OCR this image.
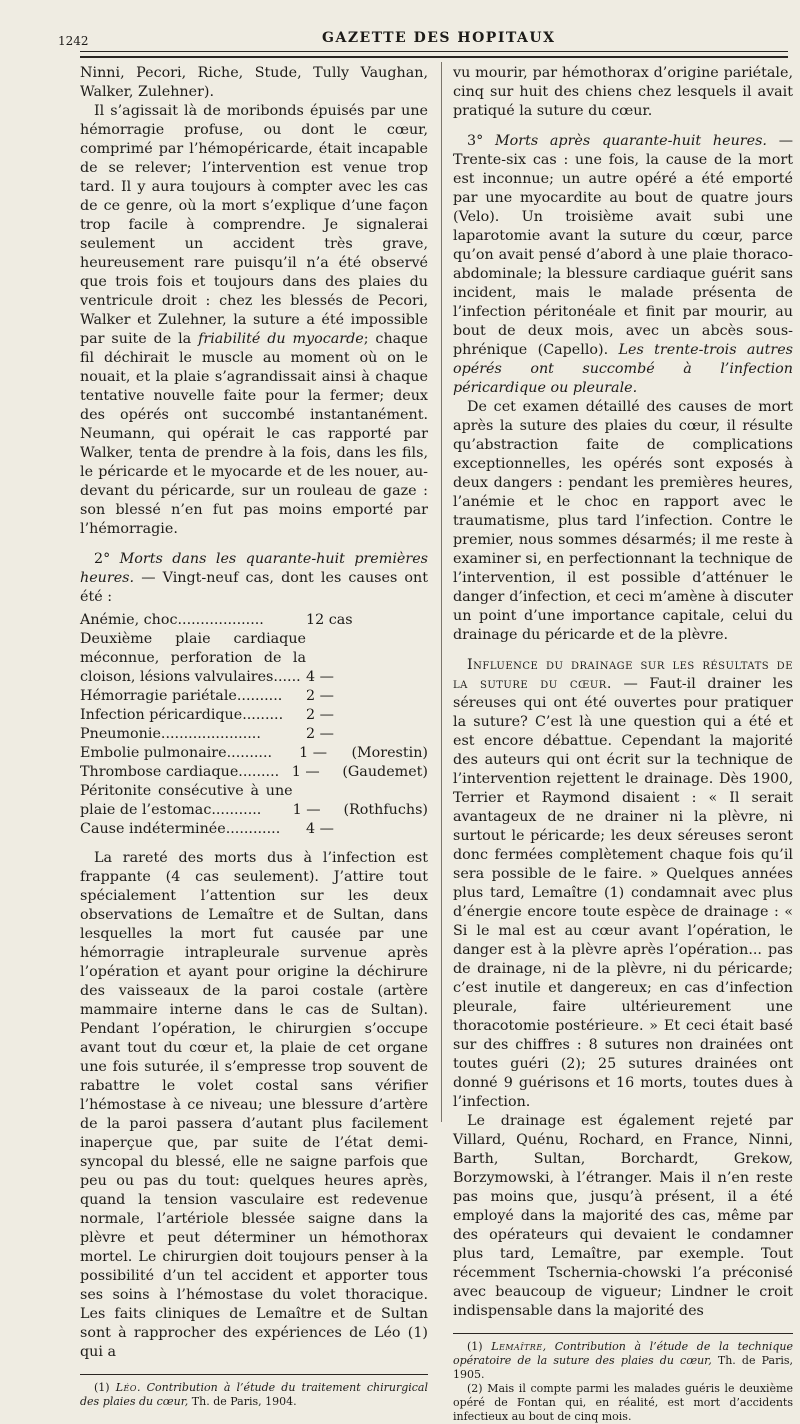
1242	GAZETTE DES HOPITAUX

Ninni, Pecori, Riche, Stude, Tully Vaughan, Walker, Zulehner).

Il s’agissait là de moribonds épuisés par une hémorragie profuse, ou dont le cœur, comprimé par l’hémopéricarde, était incapable de se relever; l’intervention est venue trop tard. Il y aura toujours à compter avec les cas de ce genre, où la mort s’explique d’une façon trop facile à comprendre. Je signalerai seulement un accident très grave, heureusement rare puisqu’il n’a été observé que trois fois et toujours dans des plaies du ventricule droit : chez les blessés de Pecori, Walker et Zulehner, la suture a été impossible par suite de la friabilité du myocarde; chaque fil déchirait le muscle au moment où on le nouait, et la plaie s’agrandissait ainsi à chaque tentative nouvelle faite pour la fermer; deux des opérés ont succombé instantanément. Neumann, qui opérait le cas rapporté par Walker, tenta de prendre à la fois, dans les fils, le péricarde et le myocarde et de les nouer, au-devant du péricarde, sur un rouleau de gaze : son blessé n’en fut pas moins emporté par l’hémorragie.

2° Morts dans les quarante-huit premières heures. — Vingt-neuf cas, dont les causes ont été :

Anémie, choc...................	12 cas
Deuxième plaie cardiaque méconnue, perforation de la cloison, lésions valvulaires...... 4 —
Hémorragie pariétale..........	2 —
Infection péricardique.........	2 —
Pneumonie......................	2 —
Embolie pulmonaire..........	1 —	(Morestin)
Thrombose cardiaque......... 1 —	(Gaudemet)
Péritonite consécutive à une plaie de l’estomac...........	1 —	(Rothfuchs)
Cause indéterminée............	4 —

La rareté des morts dus à l’infection est frappante (4 cas seulement). J’attire tout spécialement l’attention sur les deux observations de Lemaître et de Sultan, dans lesquelles la mort fut causée par une hémorragie intrapleurale survenue après l’opération et ayant pour origine la déchirure des vaisseaux de la paroi costale (artère mammaire interne dans le cas de Sultan). Pendant l’opération, le chirurgien s’occupe avant tout du cœur et, la plaie de cet organe une fois suturée, il s’empresse trop souvent de rabattre le volet costal sans vérifier l’hémostase à ce niveau; une blessure d’artère de la paroi passera d’autant plus facilement inaperçue que, par suite de l’état demi-syncopal du blessé, elle ne saigne parfois que peu ou pas du tout: quelques heures après, quand la tension vasculaire est redevenue normale, l’artériole blessée saigne dans la plèvre et peut déterminer un hémothorax mortel. Le chirurgien doit toujours penser à la possibilité d’un tel accident et apporter tous ses soins à l’hémostase du volet thoracique. Les faits cliniques de Lemaître et de Sultan sont à rapprocher des expériences de Léo (1) qui a

(1) Léo. Contribution à l’étude du traitement chirurgical des plaies du cœur, Th. de Paris, 1904.

vu mourir, par hémothorax d’origine pariétale, cinq sur huit des chiens chez lesquels il avait pratiqué la suture du cœur.

3° Morts après quarante-huit heures. — Trente-six cas : une fois, la cause de la mort est inconnue; un autre opéré a été emporté par une myocardite au bout de quatre jours (Velo). Un troisième avait subi une laparotomie avant la suture du cœur, parce qu’on avait pensé d’abord à une plaie thoraco-abdominale; la blessure cardiaque guérit sans incident, mais le malade présenta de l’infection péritonéale et finit par mourir, au bout de deux mois, avec un abcès sous-phrénique (Capello). Les trente-trois autres opérés ont succombé à l’infection péricardique ou pleurale.

De cet examen détaillé des causes de mort après la suture des plaies du cœur, il résulte qu’abstraction faite de complications exceptionnelles, les opérés sont exposés à deux dangers : pendant les premières heures, l’anémie et le choc en rapport avec le traumatisme, plus tard l’infection. Contre le premier, nous sommes désarmés; il me reste à examiner si, en perfectionnant la technique de l’intervention, il est possible d’atténuer le danger d’infection, et ceci m’amène à discuter un point d’une importance capitale, celui du drainage du péricarde et de la plèvre.

Influence du drainage sur les résultats de la suture du cœur. — Faut-il drainer les séreuses qui ont été ouvertes pour pratiquer la suture? C’est là une question qui a été et est encore débattue. Cependant la majorité des auteurs qui ont écrit sur la technique de l’intervention rejettent le drainage. Dès 1900, Terrier et Raymond disaient : « Il serait avantageux de ne drainer ni la plèvre, ni surtout le péricarde; les deux séreuses seront donc fermées complètement chaque fois qu’il sera possible de le faire. » Quelques années plus tard, Lemaître (1) condamnait avec plus d’énergie encore toute espèce de drainage : « Si le mal est au cœur avant l’opération, le danger est à la plèvre après l’opération... pas de drainage, ni de la plèvre, ni du péricarde; c’est inutile et dangereux; en cas d’infection pleurale, faire ultérieurement une thoracotomie postérieure. » Et ceci était basé sur des chiffres : 8 sutures non drainées ont toutes guéri (2); 25 sutures drainées ont donné 9 guérisons et 16 morts, toutes dues à l’infection.

Le drainage est également rejeté par Villard, Quénu, Rochard, en France, Ninni, Barth, Sultan, Borchardt, Grekow, Borzymowski, à l’étranger. Mais il n’en reste pas moins que, jusqu’à présent, il a été employé dans la majorité des cas, même par des opérateurs qui devaient le condamner plus tard, Lemaître, par exemple. Tout récemment Tschernia-chowski l’a préconisé avec beaucoup de vigueur; Lindner le croit indispensable dans la majorité des

(1) Lemaître, Contribution à l’étude de la technique opératoire de la suture des plaies du cœur, Th. de Paris, 1905.

(2) Mais il compte parmi les malades guéris le deuxième opéré de Fontan qui, en réalité, est mort d’accidents infectieux au bout de cinq mois.
